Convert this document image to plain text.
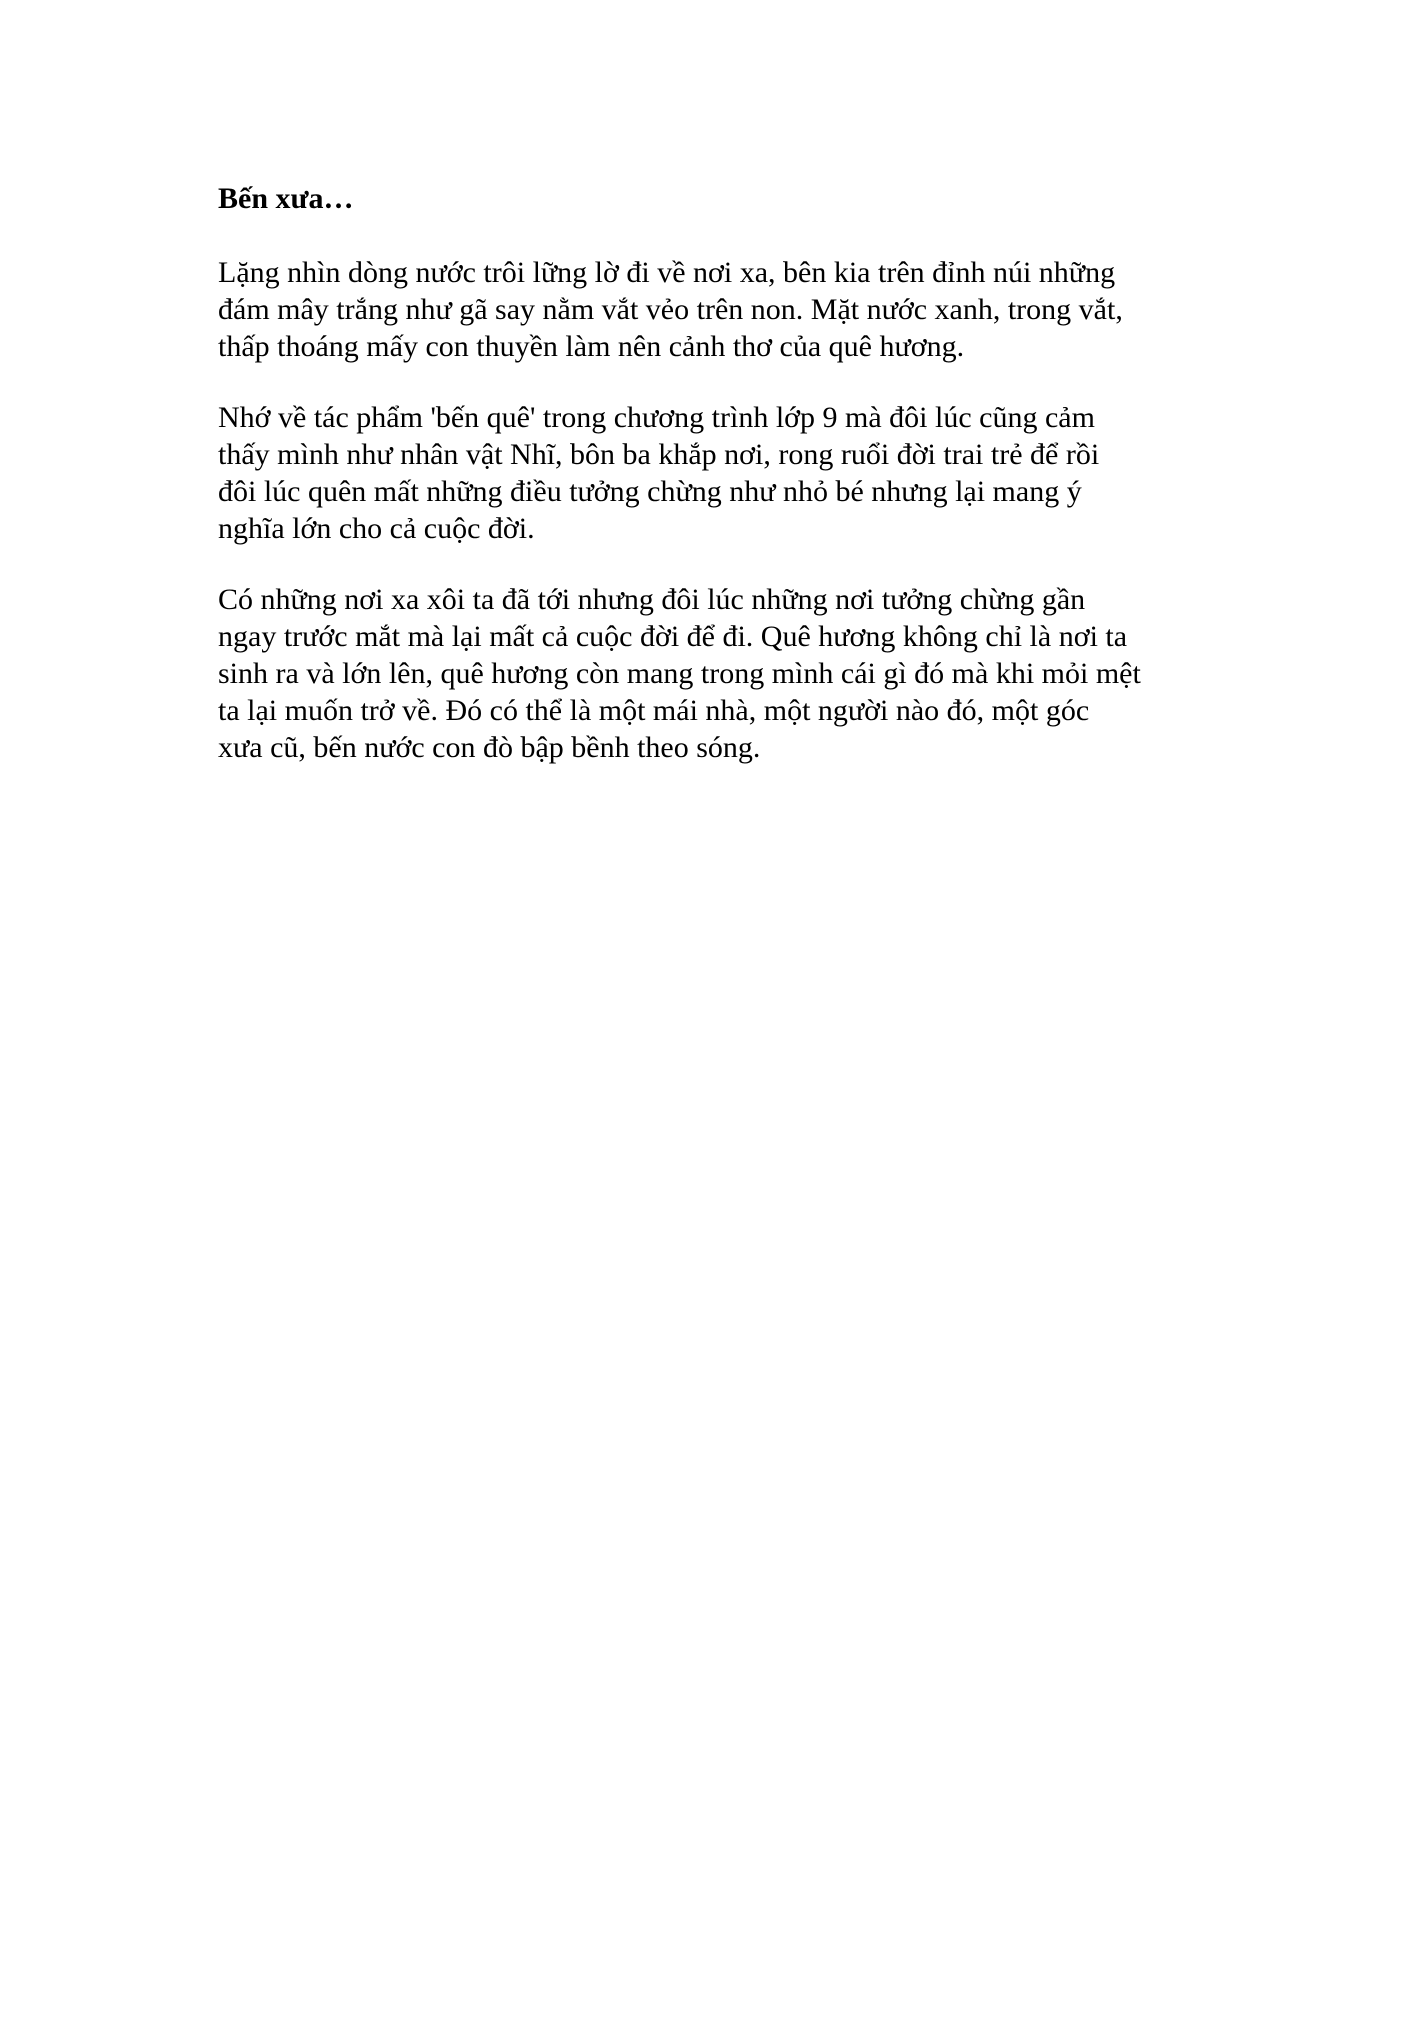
Bến xưa…
Lặng nhìn dòng nước trôi lững lờ đi về nơi xa, bên kia trên đỉnh núi những
đám mây trắng như gã say nằm vắt vẻo trên non. Mặt nước xanh, trong vắt,
thấp thoáng mấy con thuyền làm nên cảnh thơ của quê hương.
Nhớ về tác phẩm 'bến quê' trong chương trình lớp 9 mà đôi lúc cũng cảm
thấy mình như nhân vật Nhĩ, bôn ba khắp nơi, rong ruổi đời trai trẻ để rồi
đôi lúc quên mất những điều tưởng chừng như nhỏ bé nhưng lại mang ý
nghĩa lớn cho cả cuộc đời.
Có những nơi xa xôi ta đã tới nhưng đôi lúc những nơi tưởng chừng gần
ngay trước mắt mà lại mất cả cuộc đời để đi. Quê hương không chỉ là nơi ta
sinh ra và lớn lên, quê hương còn mang trong mình cái gì đó mà khi mỏi mệt
ta lại muốn trở về. Đó có thể là một mái nhà, một người nào đó, một góc
xưa cũ, bến nước con đò bập bềnh theo sóng.
